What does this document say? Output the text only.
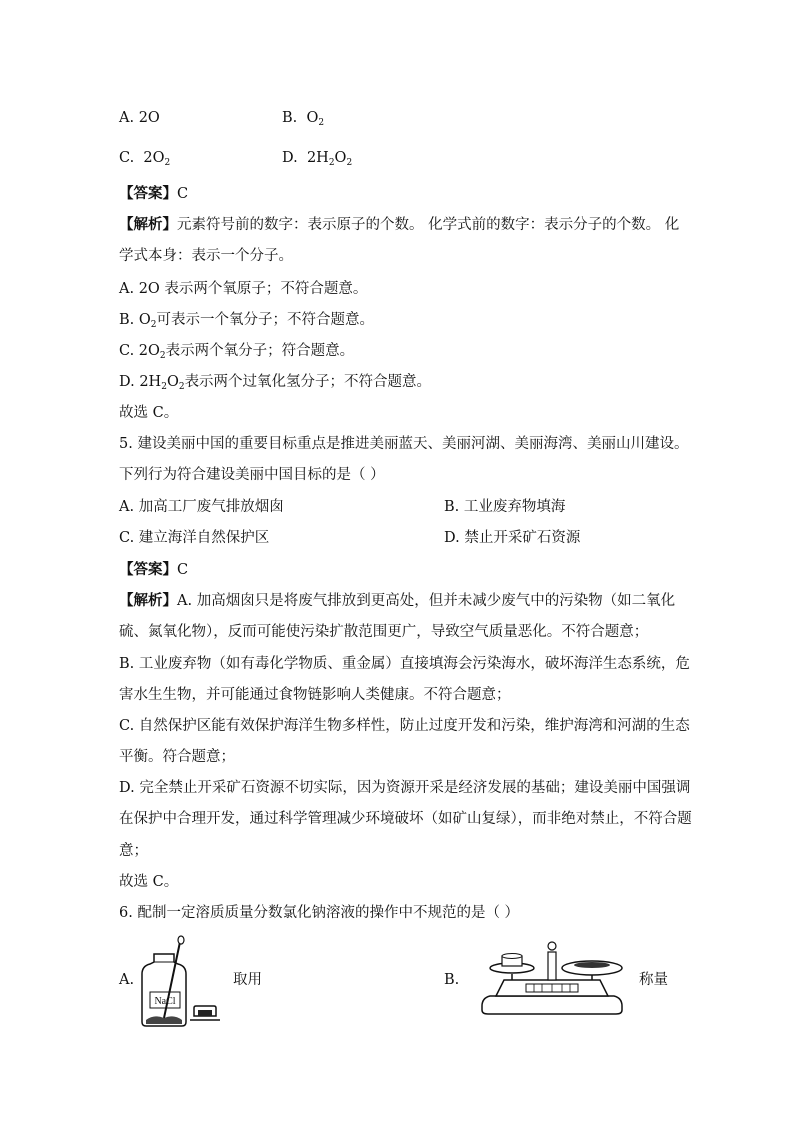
A. 2O	B. $O_2$
C. $2O_2$	D. $2H_2O_2$
【答案】C
【解析】元素符号前的数字：表示原子的个数。 化学式前的数字：表示分子的个数。 化
学式本身：表示一个分子。
A. 2O 表示两个氧原子；不符合题意。
B. $O_2$可表示一个氧分子；不符合题意。
C. $2O_2$表示两个氧分子；符合题意。
D. $2H_2O_2$表示两个过氧化氢分子；不符合题意。
故选 C。
5. 建设美丽中国的重要目标重点是推进美丽蓝天、美丽河湖、美丽海湾、美丽山川建设。
下列行为符合建设美丽中国目标的是（ ）
A. 加高工厂废气排放烟囱	B. 工业废弃物填海
C. 建立海洋自然保护区	D. 禁止开采矿石资源
【答案】C
【解析】A. 加高烟囱只是将废气排放到更高处，但并未减少废气中的污染物（如二氧化
硫、氮氧化物），反而可能使污染扩散范围更广，导致空气质量恶化。不符合题意；
B. 工业废弃物（如有毒化学物质、重金属）直接填海会污染海水，破坏海洋生态系统，危
害水生生物，并可能通过食物链影响人类健康。不符合题意；
C. 自然保护区能有效保护海洋生物多样性，防止过度开发和污染，维护海湾和河湖的生态
平衡。符合题意；
D. 完全禁止开采矿石资源不切实际，因为资源开采是经济发展的基础；建设美丽中国强调
在保护中合理开发，通过科学管理减少环境破坏（如矿山复绿），而非绝对禁止，不符合题
意；
故选 C。
6. 配制一定溶质质量分数氯化钠溶液的操作中不规范的是（ ）
A.
NaCl
取用	B.	称量
